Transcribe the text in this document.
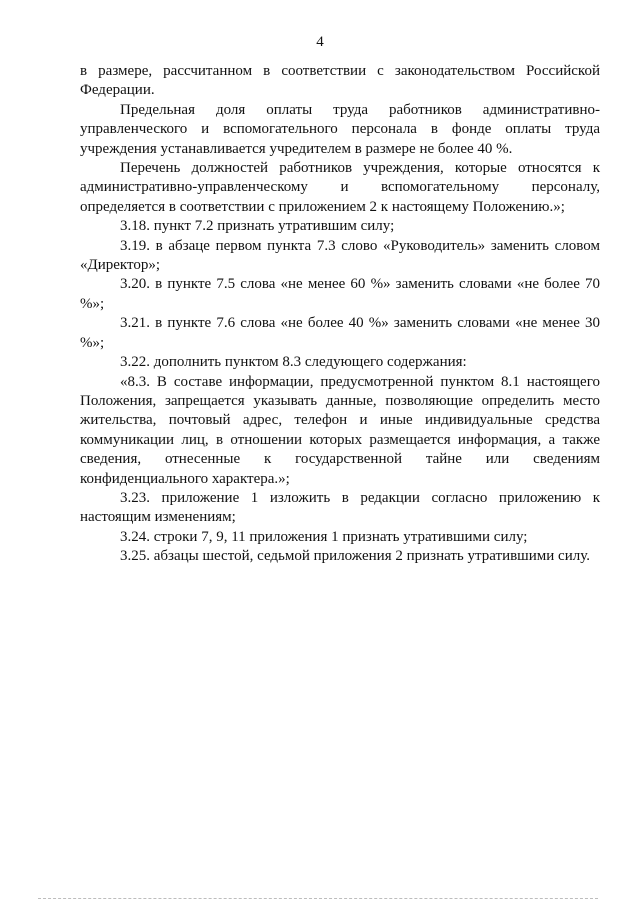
4

в размере, рассчитанном в соответствии с законодательством Российской Федерации.

Предельная доля оплаты труда работников административно-управленческого и вспомогательного персонала в фонде оплаты труда учреждения устанавливается учредителем в размере не более 40 %.

Перечень должностей работников учреждения, которые относятся к административно-управленческому и вспомогательному персоналу, определяется в соответствии с приложением 2 к настоящему Положению.»;

3.18. пункт 7.2 признать утратившим силу;

3.19. в абзаце первом пункта 7.3 слово «Руководитель» заменить словом «Директор»;

3.20. в пункте 7.5 слова «не менее 60 %» заменить словами «не более 70 %»;

3.21. в пункте 7.6 слова «не более 40 %» заменить словами «не менее 30 %»;

3.22. дополнить пунктом 8.3 следующего содержания:

«8.3. В составе информации, предусмотренной пунктом 8.1 настоящего Положения, запрещается указывать данные, позволяющие определить место жительства, почтовый адрес, телефон и иные индивидуальные средства коммуникации лиц, в отношении которых размещается информация, а также сведения, отнесенные к государственной тайне или сведениям конфиденциального характера.»;

3.23. приложение 1 изложить в редакции согласно приложению к настоящим изменениям;

3.24. строки 7, 9, 11 приложения 1 признать утратившими силу;

3.25. абзацы шестой, седьмой приложения 2 признать утратившими силу.
